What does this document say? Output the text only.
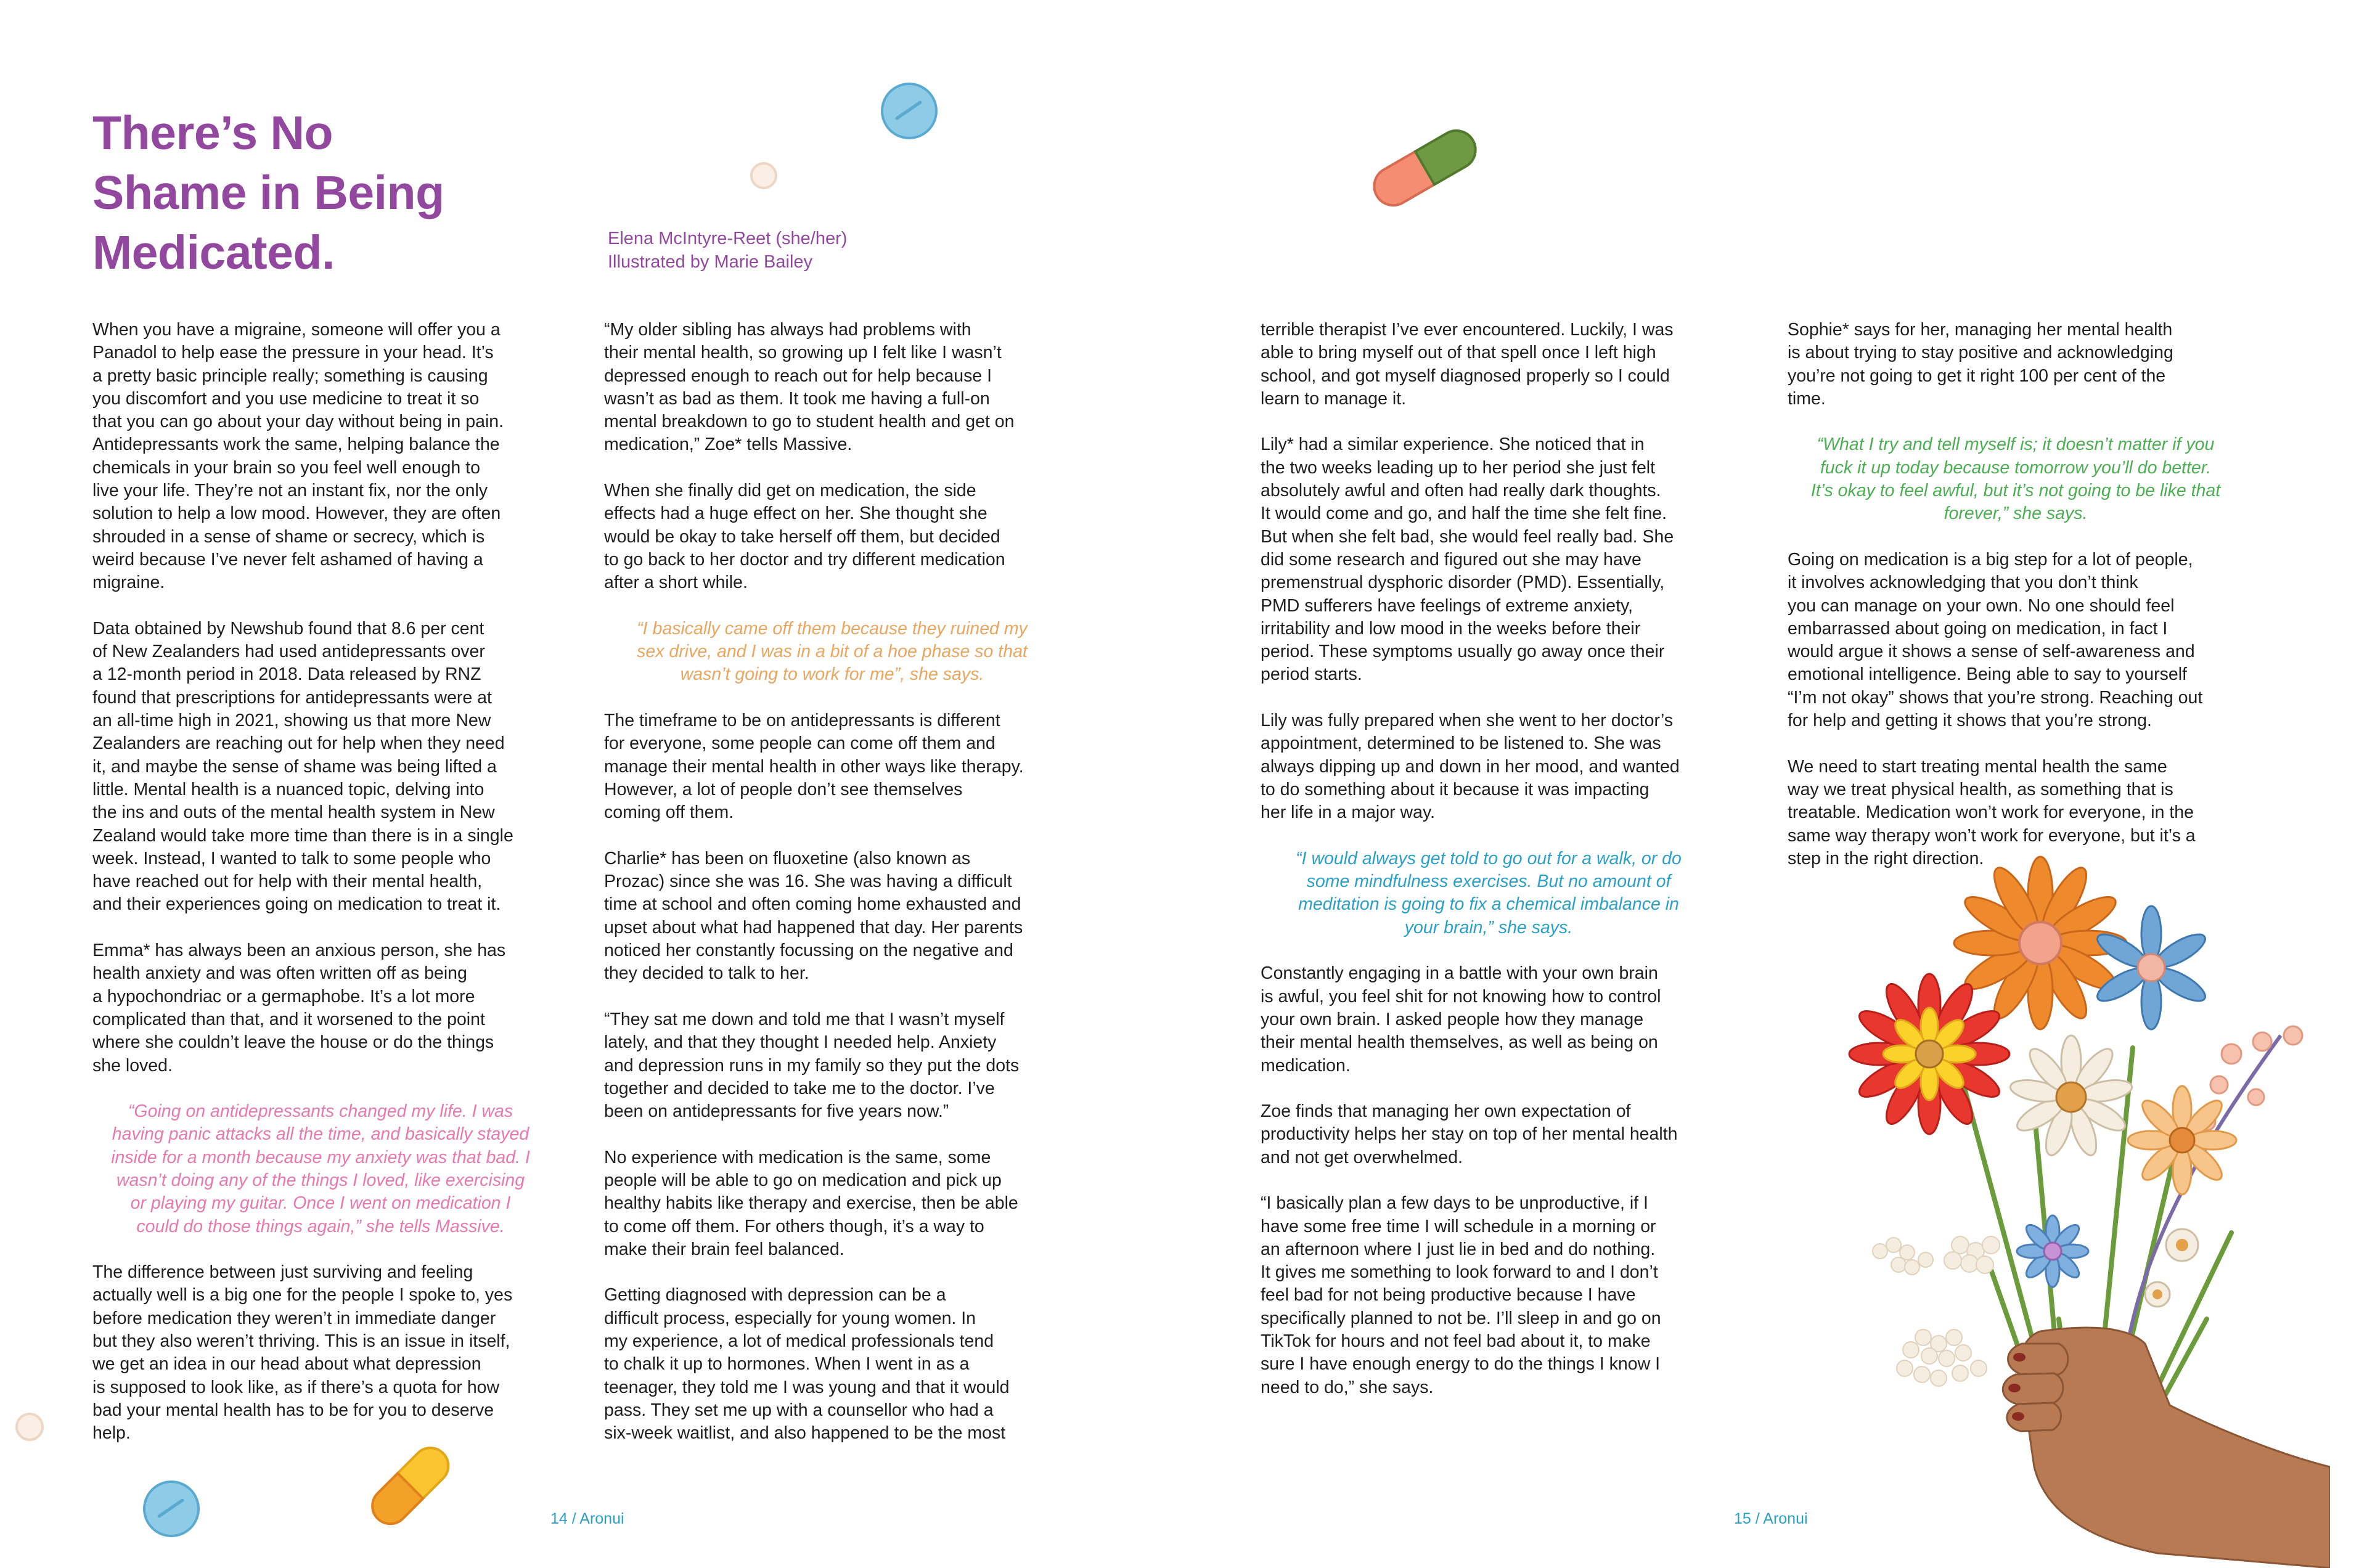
There’s No
Shame in Being
Medicated.	Elena McIntyre-Reet (she/her)
Illustrated by Marie Bailey

When you have a migraine, someone will offer you a
Panadol to help ease the pressure in your head. It’s
a pretty basic principle really; something is causing
you discomfort and you use medicine to treat it so
that you can go about your day without being in pain.
Antidepressants work the same, helping balance the
chemicals in your brain so you feel well enough to
live your life. They’re not an instant fix, nor the only
solution to help a low mood. However, they are often
shrouded in a sense of shame or secrecy, which is
weird because I’ve never felt ashamed of having a
migraine.

Data obtained by Newshub found that 8.6 per cent
of New Zealanders had used antidepressants over
a 12-month period in 2018. Data released by RNZ
found that prescriptions for antidepressants were at
an all-time high in 2021, showing us that more New
Zealanders are reaching out for help when they need
it, and maybe the sense of shame was being lifted a
little. Mental health is a nuanced topic, delving into
the ins and outs of the mental health system in New
Zealand would take more time than there is in a single
week. Instead, I wanted to talk to some people who
have reached out for help with their mental health,
and their experiences going on medication to treat it.

Emma* has always been an anxious person, she has
health anxiety and was often written off as being
a hypochondriac or a germaphobe. It’s a lot more
complicated than that, and it worsened to the point
where she couldn’t leave the house or do the things
she loved.

“Going on antidepressants changed my life. I was
having panic attacks all the time, and basically stayed
inside for a month because my anxiety was that bad. I
wasn’t doing any of the things I loved, like exercising
or playing my guitar. Once I went on medication I
could do those things again,” she tells Massive.

The difference between just surviving and feeling
actually well is a big one for the people I spoke to, yes
before medication they weren’t in immediate danger
but they also weren’t thriving. This is an issue in itself,
we get an idea in our head about what depression
is supposed to look like, as if there’s a quota for how
bad your mental health has to be for you to deserve
help.

“My older sibling has always had problems with
their mental health, so growing up I felt like I wasn’t
depressed enough to reach out for help because I
wasn’t as bad as them. It took me having a full-on
mental breakdown to go to student health and get on
medication,” Zoe* tells Massive.

When she finally did get on medication, the side
effects had a huge effect on her. She thought she
would be okay to take herself off them, but decided
to go back to her doctor and try different medication
after a short while.

“I basically came off them because they ruined my
sex drive, and I was in a bit of a hoe phase so that
wasn’t going to work for me”, she says.

The timeframe to be on antidepressants is different
for everyone, some people can come off them and
manage their mental health in other ways like therapy.
However, a lot of people don’t see themselves
coming off them.

Charlie* has been on fluoxetine (also known as
Prozac) since she was 16. She was having a difficult
time at school and often coming home exhausted and
upset about what had happened that day. Her parents
noticed her constantly focussing on the negative and
they decided to talk to her.

“They sat me down and told me that I wasn’t myself
lately, and that they thought I needed help. Anxiety
and depression runs in my family so they put the dots
together and decided to take me to the doctor. I’ve
been on antidepressants for five years now.”

No experience with medication is the same, some
people will be able to go on medication and pick up
healthy habits like therapy and exercise, then be able
to come off them. For others though, it’s a way to
make their brain feel balanced.

Getting diagnosed with depression can be a
difficult process, especially for young women. In
my experience, a lot of medical professionals tend
to chalk it up to hormones. When I went in as a
teenager, they told me I was young and that it would
pass. They set me up with a counsellor who had a
six-week waitlist, and also happened to be the most

terrible therapist I’ve ever encountered. Luckily, I was
able to bring myself out of that spell once I left high
school, and got myself diagnosed properly so I could
learn to manage it.

Lily* had a similar experience. She noticed that in
the two weeks leading up to her period she just felt
absolutely awful and often had really dark thoughts.
It would come and go, and half the time she felt fine.
But when she felt bad, she would feel really bad. She
did some research and figured out she may have
premenstrual dysphoric disorder (PMD). Essentially,
PMD sufferers have feelings of extreme anxiety,
irritability and low mood in the weeks before their
period. These symptoms usually go away once their
period starts.

Lily was fully prepared when she went to her doctor’s
appointment, determined to be listened to. She was
always dipping up and down in her mood, and wanted
to do something about it because it was impacting
her life in a major way.

“I would always get told to go out for a walk, or do
some mindfulness exercises. But no amount of
meditation is going to fix a chemical imbalance in
your brain,” she says.

Constantly engaging in a battle with your own brain
is awful, you feel shit for not knowing how to control
your own brain. I asked people how they manage
their mental health themselves, as well as being on
medication.

Zoe finds that managing her own expectation of
productivity helps her stay on top of her mental health
and not get overwhelmed.

“I basically plan a few days to be unproductive, if I
have some free time I will schedule in a morning or
an afternoon where I just lie in bed and do nothing.
It gives me something to look forward to and I don’t
feel bad for not being productive because I have
specifically planned to not be. I’ll sleep in and go on
TikTok for hours and not feel bad about it, to make
sure I have enough energy to do the things I know I
need to do,” she says.

Sophie* says for her, managing her mental health
is about trying to stay positive and acknowledging
you’re not going to get it right 100 per cent of the
time.

“What I try and tell myself is; it doesn’t matter if you
fuck it up today because tomorrow you’ll do better.
It’s okay to feel awful, but it’s not going to be like that
forever,” she says.

Going on medication is a big step for a lot of people,
it involves acknowledging that you don’t think
you can manage on your own. No one should feel
embarrassed about going on medication, in fact I
would argue it shows a sense of self-awareness and
emotional intelligence. Being able to say to yourself
“I’m not okay” shows that you’re strong. Reaching out
for help and getting it shows that you’re strong.

We need to start treating mental health the same
way we treat physical health, as something that is
treatable. Medication won’t work for everyone, in the
same way therapy won’t work for everyone, but it’s a
step in the right direction.

14 / Aronui	15 / Aronui
